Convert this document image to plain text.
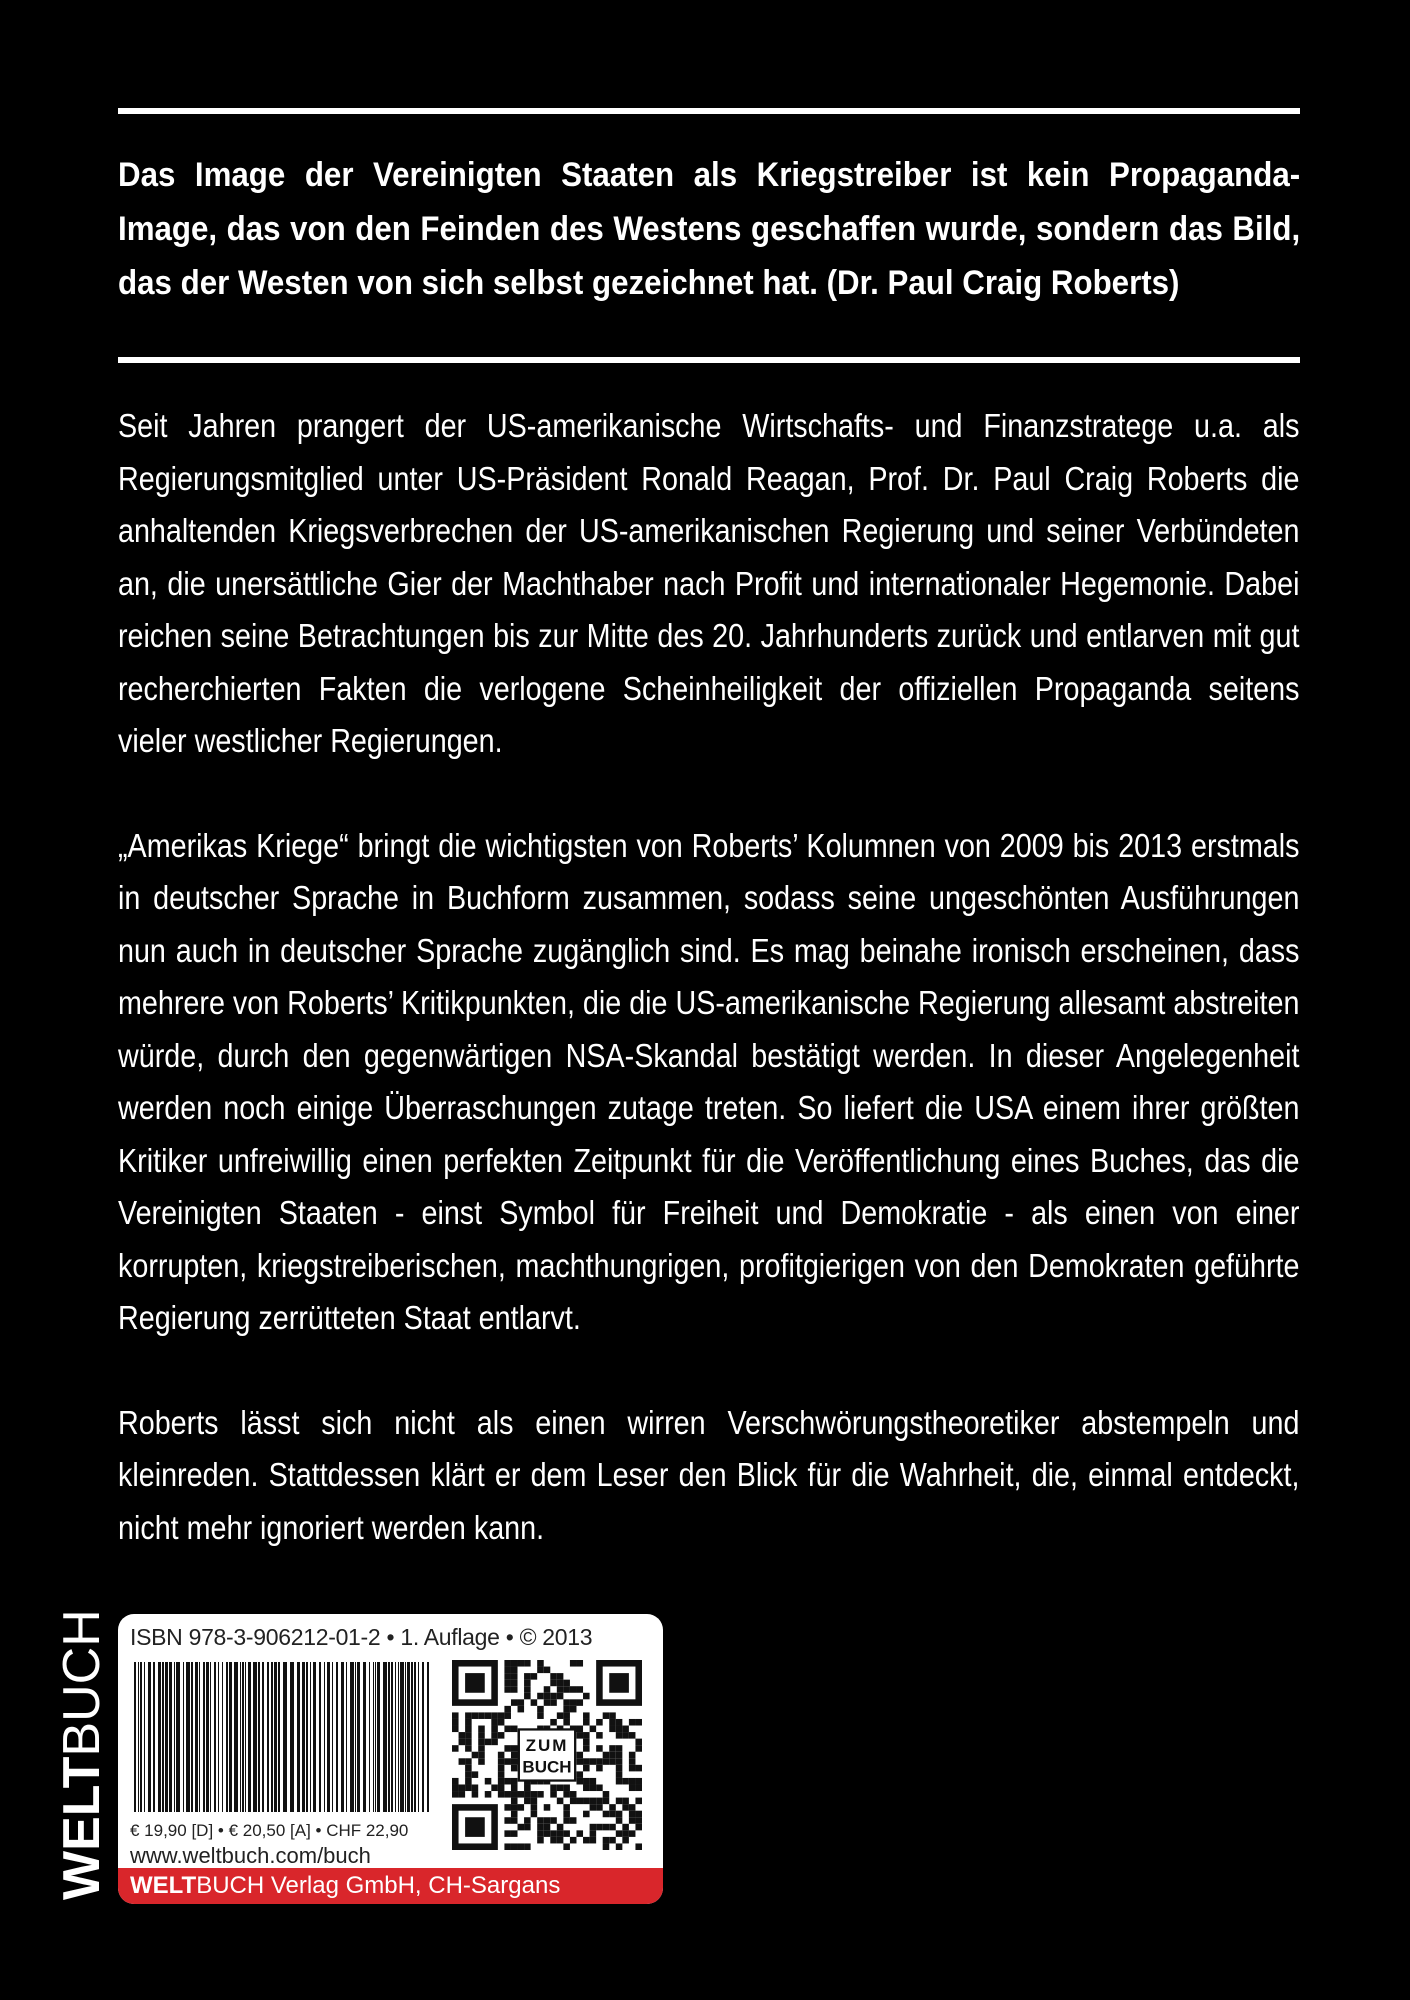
Das Image der Vereinigten Staaten als Kriegstreiber ist kein Propaganda-Image, das von den Feinden des Westens geschaffen wurde, sondern das Bild, das der Westen von sich selbst gezeichnet hat. (Dr. Paul Craig Roberts)

Seit Jahren prangert der US-amerikanische Wirtschafts- und Finanzstratege u.a. als Regierungsmitglied unter US-Präsident Ronald Reagan, Prof. Dr. Paul Craig Roberts die anhaltenden Kriegsverbrechen der US-amerikanischen Regierung und seiner Verbündeten an, die unersättliche Gier der Machthaber nach Profit und internationaler Hegemonie. Dabei reichen seine Betrachtungen bis zur Mitte des 20. Jahrhunderts zurück und entlarven mit gut recherchierten Fakten die verlogene Scheinheiligkeit der offiziellen Propaganda seitens vieler westlicher Regierungen.

„Amerikas Kriege“ bringt die wichtigsten von Roberts’ Kolumnen von 2009 bis 2013 erstmals in deutscher Sprache in Buchform zusammen, sodass seine ungeschönten Ausführungen nun auch in deutscher Sprache zugänglich sind. Es mag beinahe ironisch erscheinen, dass mehrere von Roberts’ Kritikpunkten, die die US-amerikanische Regierung allesamt abstreiten würde, durch den gegenwärtigen NSA-Skandal bestätigt werden. In dieser Angelegenheit werden noch einige Überraschungen zutage treten. So liefert die USA einem ihrer größten Kritiker unfreiwillig einen perfekten Zeitpunkt für die Veröffentlichung eines Buches, das die Vereinigten Staaten - einst Symbol für Freiheit und Demokratie - als einen von einer korrupten, kriegstreiberischen, machthungrigen, profitgierigen von den Demokraten geführte Regierung zerrütteten Staat entlarvt.

Roberts lässt sich nicht als einen wirren Verschwörungstheoretiker abstempeln und kleinreden. Stattdessen klärt er dem Leser den Blick für die Wahrheit, die, einmal entdeckt, nicht mehr ignoriert werden kann.

WELTBUCH ISBN 978-3-906212-01-2 • 1. Auflage • © 2013
€ 19,90 [D] • € 20,50 [A] • CHF 22,90
www.weltbuch.com/buch
ZUM
BUCH
WELTBUCH Verlag GmbH, CH-Sargans
